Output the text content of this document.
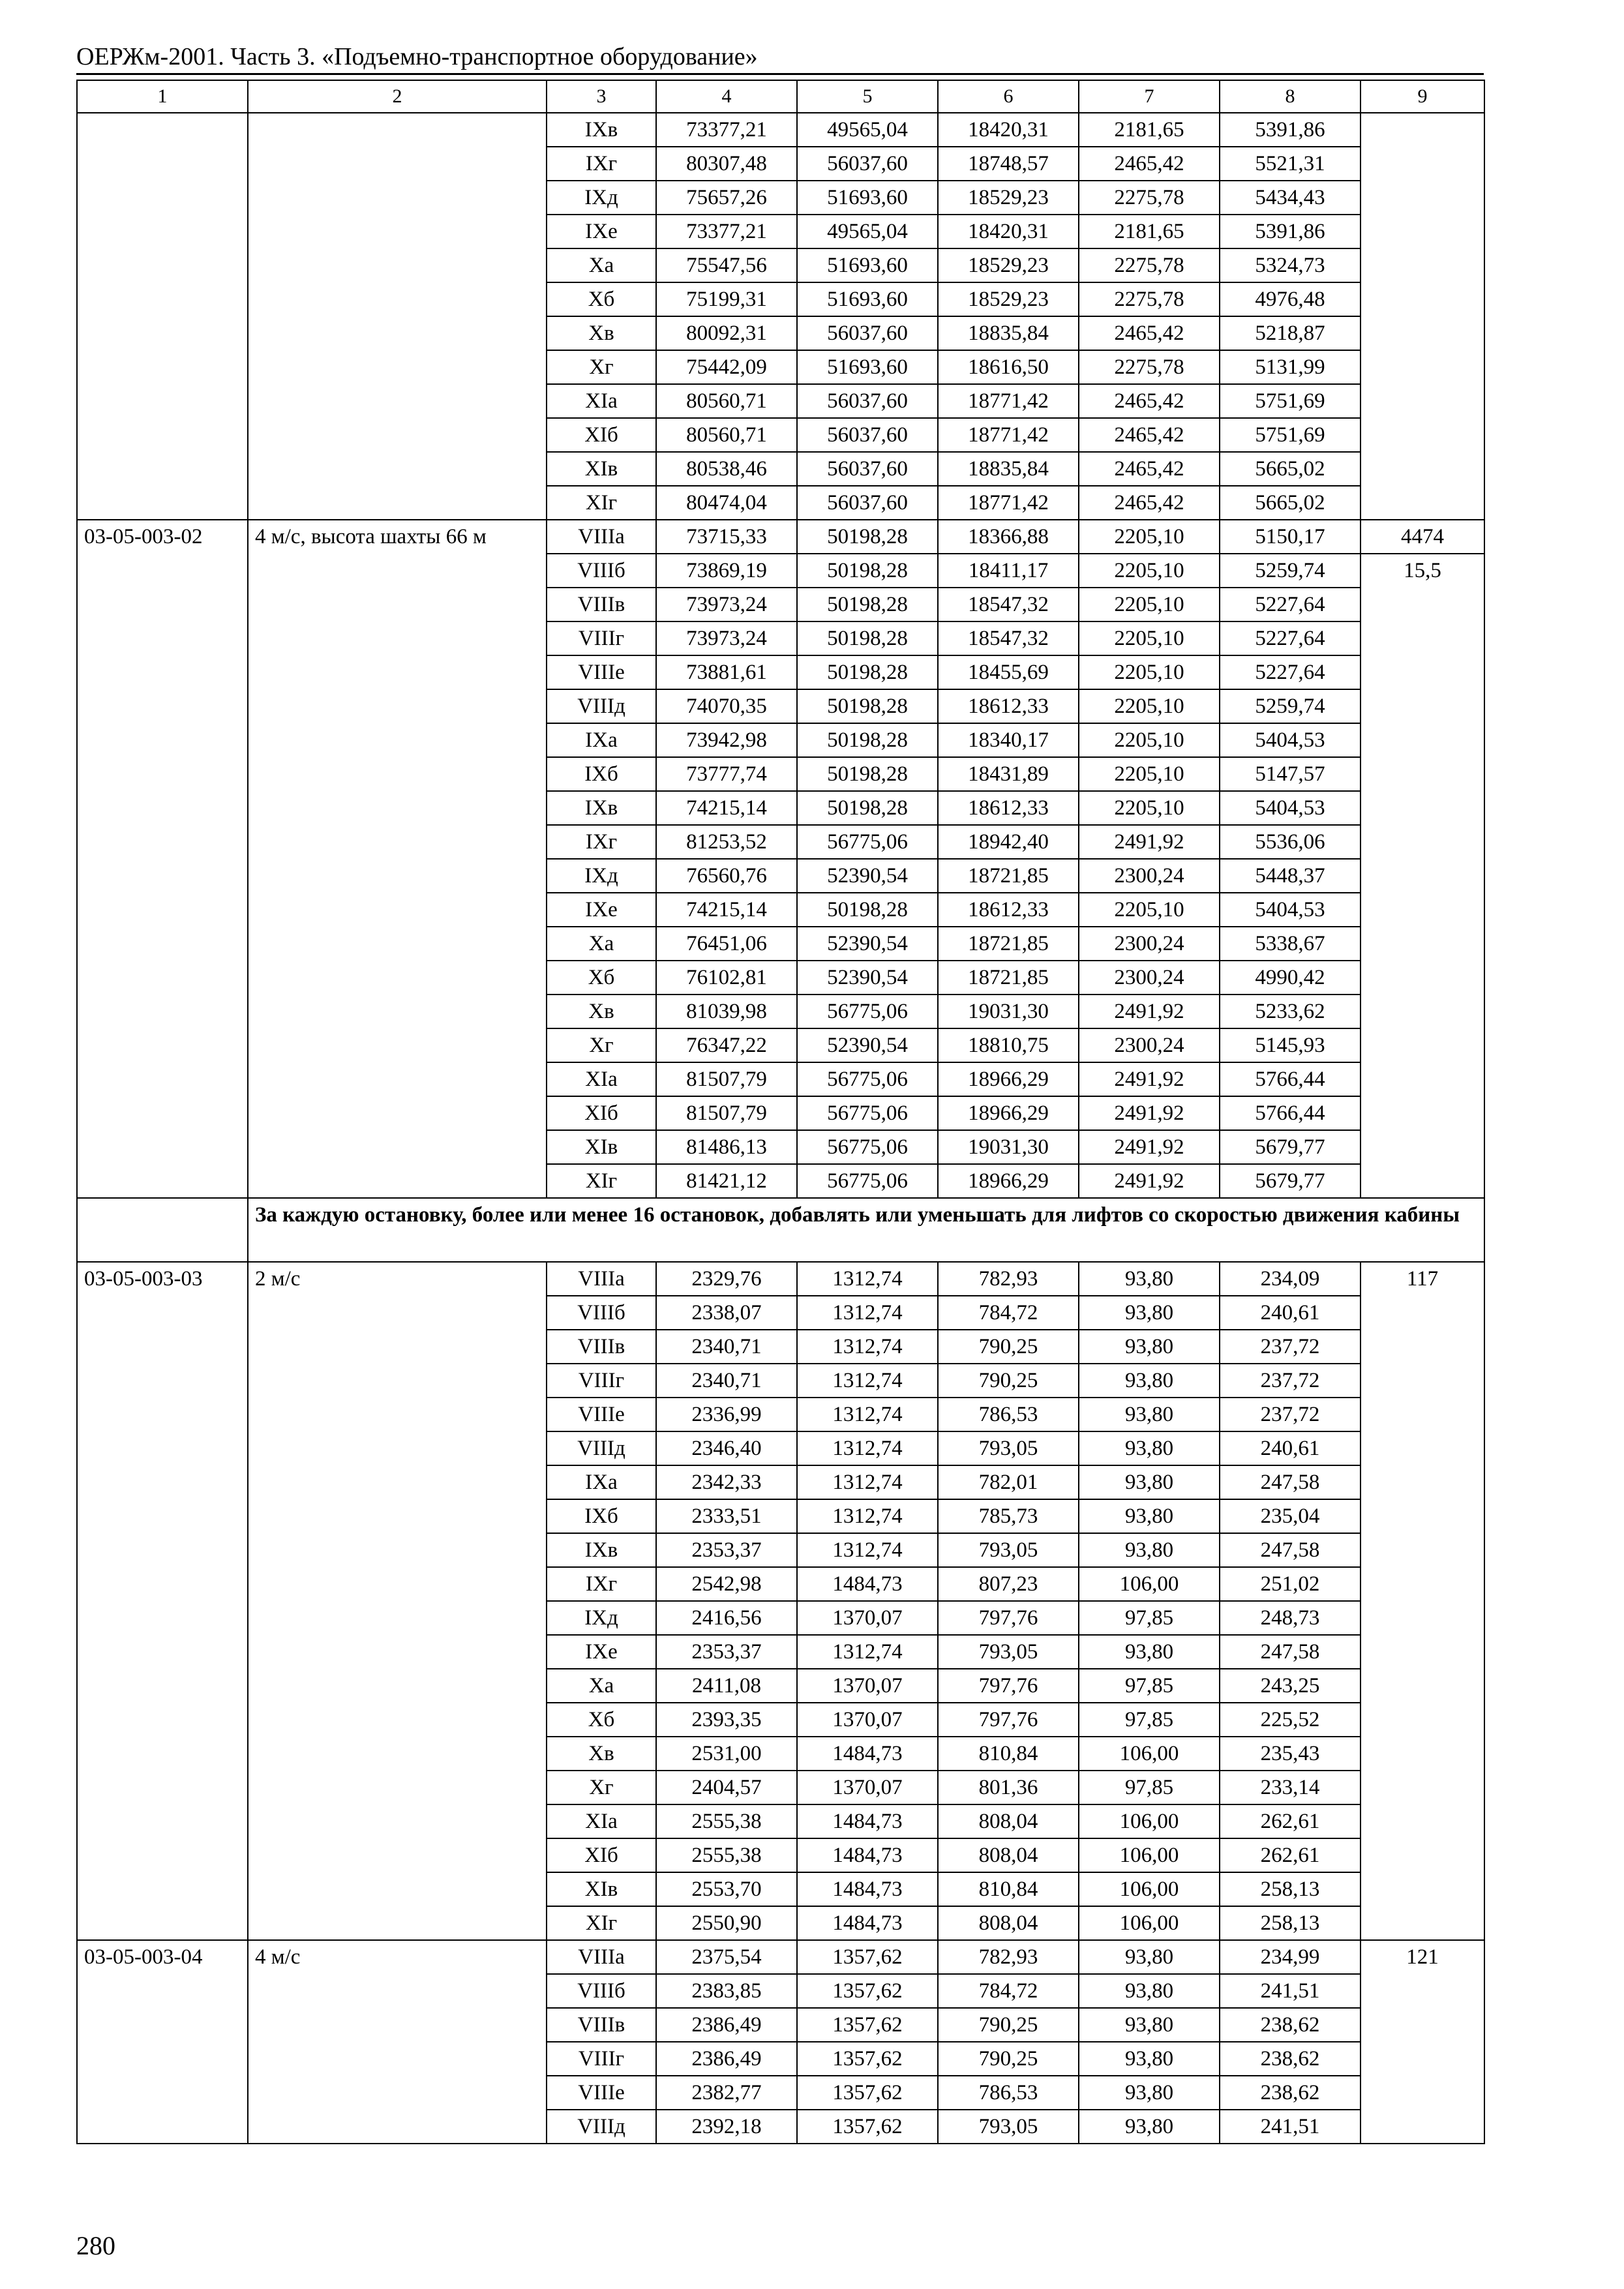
ОЕРЖм-2001. Часть 3. «Подъемно-транспортное оборудование»
1	2	3	4	5	6	7	8	9
		IXв	73377,21	49565,04	18420,31	2181,65	5391,86	
		IXг	80307,48	56037,60	18748,57	2465,42	5521,31	
		IXд	75657,26	51693,60	18529,23	2275,78	5434,43	
		IXе	73377,21	49565,04	18420,31	2181,65	5391,86	
		Xа	75547,56	51693,60	18529,23	2275,78	5324,73	
		Xб	75199,31	51693,60	18529,23	2275,78	4976,48	
		Xв	80092,31	56037,60	18835,84	2465,42	5218,87	
		Xг	75442,09	51693,60	18616,50	2275,78	5131,99	
		XIа	80560,71	56037,60	18771,42	2465,42	5751,69	
		XIб	80560,71	56037,60	18771,42	2465,42	5751,69	
		XIв	80538,46	56037,60	18835,84	2465,42	5665,02	
		XIг	80474,04	56037,60	18771,42	2465,42	5665,02	
03-05-003-02	4 м/с, высота шахты 66 м	VIIIа	73715,33	50198,28	18366,88	2205,10	5150,17	4474
		VIIIб	73869,19	50198,28	18411,17	2205,10	5259,74	15,5
		VIIIв	73973,24	50198,28	18547,32	2205,10	5227,64	
		VIIIг	73973,24	50198,28	18547,32	2205,10	5227,64	
		VIIIе	73881,61	50198,28	18455,69	2205,10	5227,64	
		VIIIд	74070,35	50198,28	18612,33	2205,10	5259,74	
		IXа	73942,98	50198,28	18340,17	2205,10	5404,53	
		IXб	73777,74	50198,28	18431,89	2205,10	5147,57	
		IXв	74215,14	50198,28	18612,33	2205,10	5404,53	
		IXг	81253,52	56775,06	18942,40	2491,92	5536,06	
		IXд	76560,76	52390,54	18721,85	2300,24	5448,37	
		IXе	74215,14	50198,28	18612,33	2205,10	5404,53	
		Xа	76451,06	52390,54	18721,85	2300,24	5338,67	
		Xб	76102,81	52390,54	18721,85	2300,24	4990,42	
		Xв	81039,98	56775,06	19031,30	2491,92	5233,62	
		Xг	76347,22	52390,54	18810,75	2300,24	5145,93	
		XIа	81507,79	56775,06	18966,29	2491,92	5766,44	
		XIб	81507,79	56775,06	18966,29	2491,92	5766,44	
		XIв	81486,13	56775,06	19031,30	2491,92	5679,77	
		XIг	81421,12	56775,06	18966,29	2491,92	5679,77	
	За каждую остановку, более или менее 16 остановок, добавлять или уменьшать для лифтов со скоростью движения кабины							
03-05-003-03	2 м/с	VIIIа	2329,76	1312,74	782,93	93,80	234,09	117
		VIIIб	2338,07	1312,74	784,72	93,80	240,61	
		VIIIв	2340,71	1312,74	790,25	93,80	237,72	
		VIIIг	2340,71	1312,74	790,25	93,80	237,72	
		VIIIе	2336,99	1312,74	786,53	93,80	237,72	
		VIIIд	2346,40	1312,74	793,05	93,80	240,61	
		IXа	2342,33	1312,74	782,01	93,80	247,58	
		IXб	2333,51	1312,74	785,73	93,80	235,04	
		IXв	2353,37	1312,74	793,05	93,80	247,58	
		IXг	2542,98	1484,73	807,23	106,00	251,02	
		IXд	2416,56	1370,07	797,76	97,85	248,73	
		IXе	2353,37	1312,74	793,05	93,80	247,58	
		Xа	2411,08	1370,07	797,76	97,85	243,25	
		Xб	2393,35	1370,07	797,76	97,85	225,52	
		Xв	2531,00	1484,73	810,84	106,00	235,43	
		Xг	2404,57	1370,07	801,36	97,85	233,14	
		XIа	2555,38	1484,73	808,04	106,00	262,61	
		XIб	2555,38	1484,73	808,04	106,00	262,61	
		XIв	2553,70	1484,73	810,84	106,00	258,13	
		XIг	2550,90	1484,73	808,04	106,00	258,13	
03-05-003-04	4 м/с	VIIIа	2375,54	1357,62	782,93	93,80	234,99	121
		VIIIб	2383,85	1357,62	784,72	93,80	241,51	
		VIIIв	2386,49	1357,62	790,25	93,80	238,62	
		VIIIг	2386,49	1357,62	790,25	93,80	238,62	
		VIIIе	2382,77	1357,62	786,53	93,80	238,62	
		VIIIд	2392,18	1357,62	793,05	93,80	241,51	
280
